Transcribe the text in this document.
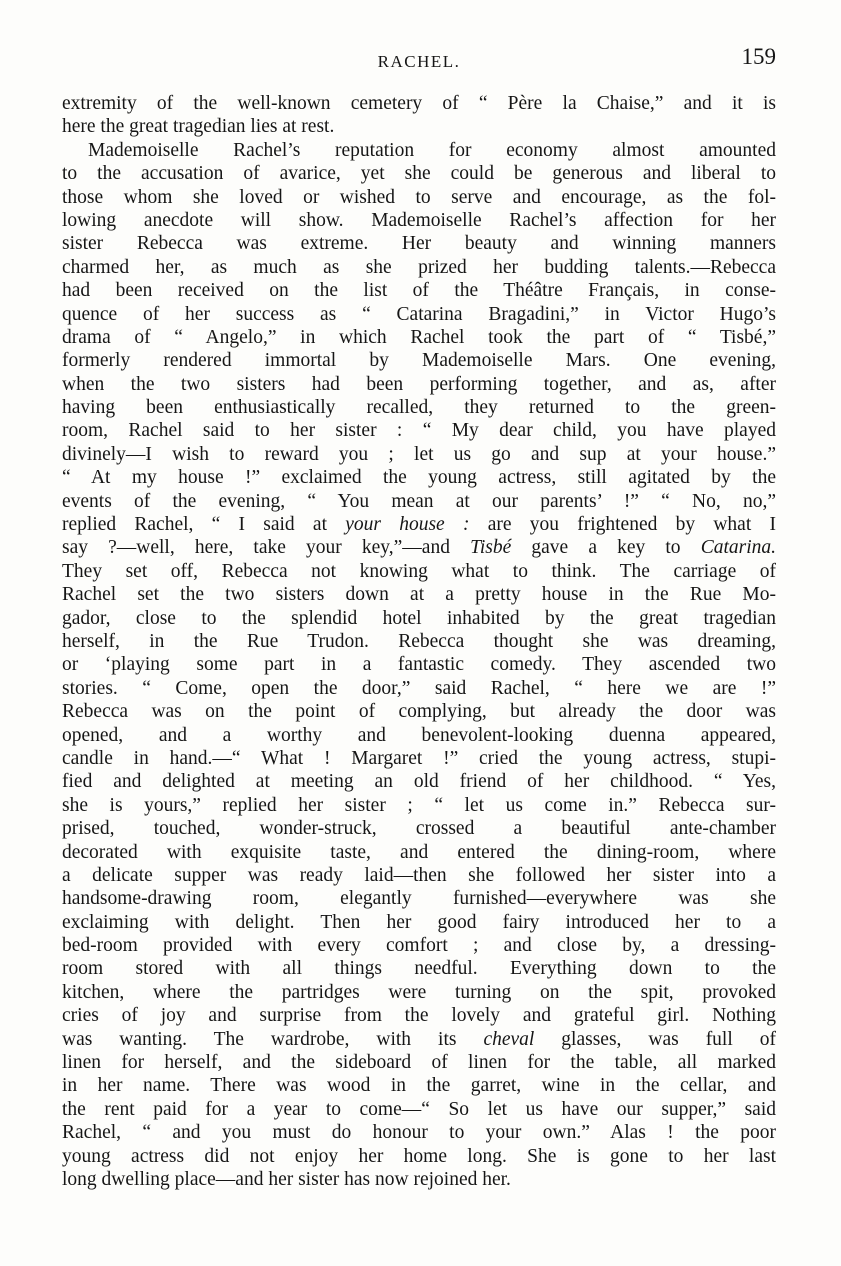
RACHEL.	159
extremity of the well-known cemetery of “ Père la Chaise,” and it is
here the great tragedian lies at rest.
Mademoiselle Rachel’s reputation for economy almost amounted
to the accusation of avarice, yet she could be generous and liberal to
those whom she loved or wished to serve and encourage, as the fol-
lowing anecdote will show. Mademoiselle Rachel’s affection for her
sister Rebecca was extreme. Her beauty and winning manners
charmed her, as much as she prized her budding talents.—Rebecca
had been received on the list of the Théâtre Français, in conse-
quence of her success as “ Catarina Bragadini,” in Victor Hugo’s
drama of “ Angelo,” in which Rachel took the part of “ Tisbé,”
formerly rendered immortal by Mademoiselle Mars. One evening,
when the two sisters had been performing together, and as, after
having been enthusiastically recalled, they returned to the green-
room, Rachel said to her sister : “ My dear child, you have played
divinely—I wish to reward you ; let us go and sup at your house.”
“ At my house !” exclaimed the young actress, still agitated by the
events of the evening, “ You mean at our parents’ !” “ No, no,”
replied Rachel, “ I said at your house : are you frightened by what I
say ?—well, here, take your key,”—and Tisbé gave a key to Catarina.
They set off, Rebecca not knowing what to think. The carriage of
Rachel set the two sisters down at a pretty house in the Rue Mo-
gador, close to the splendid hotel inhabited by the great tragedian
herself, in the Rue Trudon. Rebecca thought she was dreaming,
or ‘playing some part in a fantastic comedy. They ascended two
stories. “ Come, open the door,” said Rachel, “ here we are !”
Rebecca was on the point of complying, but already the door was
opened, and a worthy and benevolent-looking duenna appeared,
candle in hand.—“ What ! Margaret !” cried the young actress, stupi-
fied and delighted at meeting an old friend of her childhood. “ Yes,
she is yours,” replied her sister ; “ let us come in.” Rebecca sur-
prised, touched, wonder-struck, crossed a beautiful ante-chamber
decorated with exquisite taste, and entered the dining-room, where
a delicate supper was ready laid—then she followed her sister into a
handsome-drawing room, elegantly furnished—everywhere was she
exclaiming with delight. Then her good fairy introduced her to a
bed-room provided with every comfort ; and close by, a dressing-
room stored with all things needful. Everything down to the
kitchen, where the partridges were turning on the spit, provoked
cries of joy and surprise from the lovely and grateful girl. Nothing
was wanting. The wardrobe, with its cheval glasses, was full of
linen for herself, and the sideboard of linen for the table, all marked
in her name. There was wood in the garret, wine in the cellar, and
the rent paid for a year to come—“ So let us have our supper,” said
Rachel, “ and you must do honour to your own.” Alas ! the poor
young actress did not enjoy her home long. She is gone to her last
long dwelling place—and her sister has now rejoined her.
